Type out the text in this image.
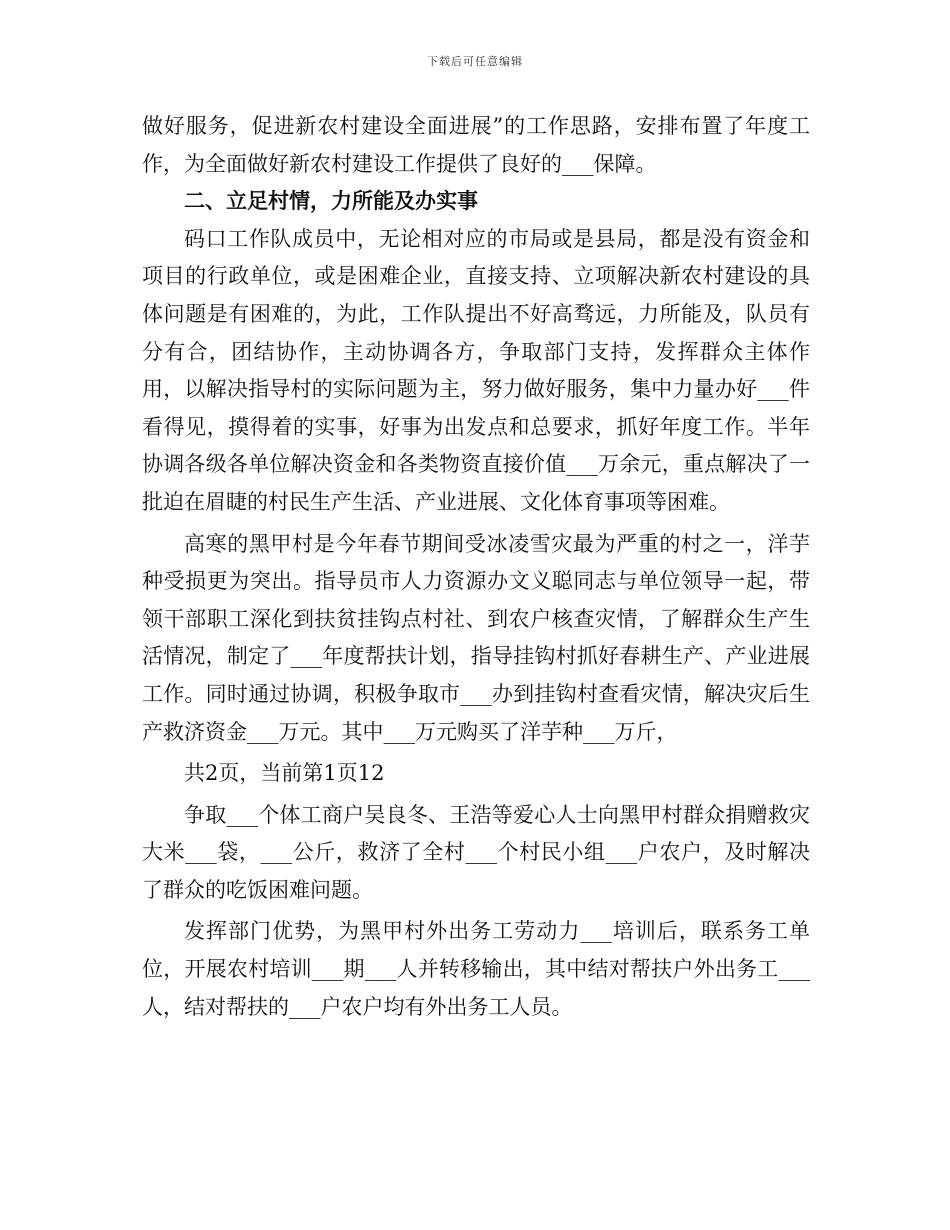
下载后可任意编辑

做好服务，促进新农村建设全面进展”的工作思路，安排布置了年度工作，为全面做好新农村建设工作提供了良好的___保障。

二、立足村情，力所能及办实事

码口工作队成员中，无论相对应的市局或是县局，都是没有资金和项目的行政单位，或是困难企业，直接支持、立项解决新农村建设的具体问题是有困难的，为此，工作队提出不好高骛远，力所能及，队员有分有合，团结协作，主动协调各方，争取部门支持，发挥群众主体作用，以解决指导村的实际问题为主，努力做好服务，集中力量办好___件看得见，摸得着的实事，好事为出发点和总要求，抓好年度工作。半年协调各级各单位解决资金和各类物资直接价值___万余元，重点解决了一批迫在眉睫的村民生产生活、产业进展、文化体育事项等困难。

高寒的黑甲村是今年春节期间受冰凌雪灾最为严重的村之一，洋芋种受损更为突出。指导员市人力资源办文义聪同志与单位领导一起，带领干部职工深化到扶贫挂钩点村社、到农户核查灾情，了解群众生产生活情况，制定了___年度帮扶计划，指导挂钩村抓好春耕生产、产业进展工作。同时通过协调，积极争取市___办到挂钩村查看灾情，解决灾后生产救济资金___万元。其中___万元购买了洋芋种___万斤，

共2页，当前第1页12

争取___个体工商户吴良冬、王浩等爱心人士向黑甲村群众捐赠救灾大米___袋，___公斤，救济了全村___个村民小组___户农户，及时解决了群众的吃饭困难问题。

发挥部门优势，为黑甲村外出务工劳动力___培训后，联系务工单位，开展农村培训___期___人并转移输出，其中结对帮扶户外出务工___人，结对帮扶的___户农户均有外出务工人员。
